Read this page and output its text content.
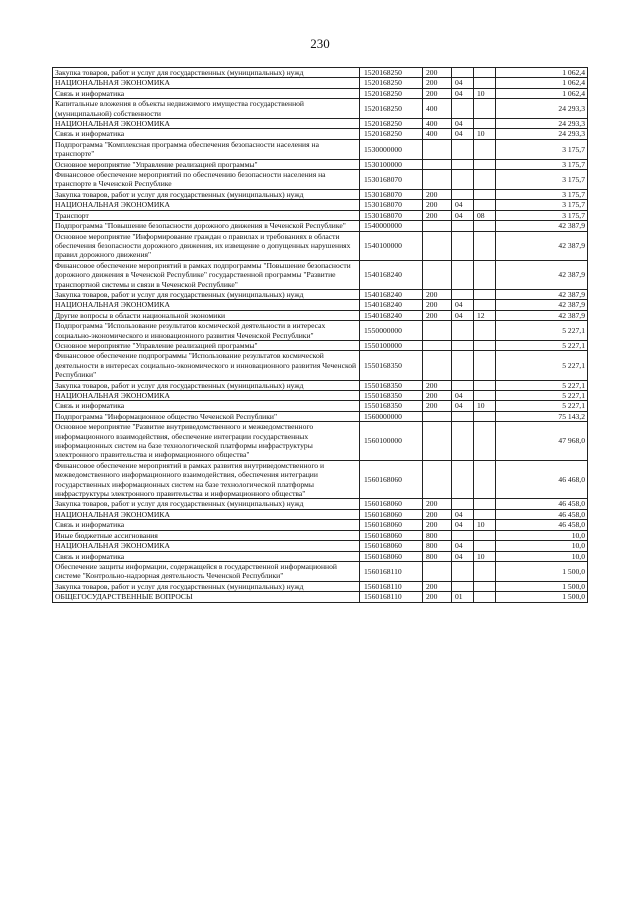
230
Закупка товаров, работ и услуг для государственных (муниципальных) нужд	1520168250	200			1 062,4
НАЦИОНАЛЬНАЯ ЭКОНОМИКА	1520168250	200	04		1 062,4
Связь и информатика	1520168250	200	04	10	1 062,4
Капитальные вложения в объекты недвижимого имущества государственной (муниципальной) собственности	1520168250	400			24 293,3
НАЦИОНАЛЬНАЯ ЭКОНОМИКА	1520168250	400	04		24 293,3
Связь и информатика	1520168250	400	04	10	24 293,3
Подпрограмма "Комплексная программа обеспечения безопасности населения на транспорте"	1530000000				3 175,7
Основное мероприятие "Управление реализацией программы"	1530100000				3 175,7
Финансовое обеспечение мероприятий по обеспечению безопасности населения на транспорте в Чеченской Республике	1530168070				3 175,7
Закупка товаров, работ и услуг для государственных (муниципальных) нужд	1530168070	200			3 175,7
НАЦИОНАЛЬНАЯ ЭКОНОМИКА	1530168070	200	04		3 175,7
Транспорт	1530168070	200	04	08	3 175,7
Подпрограмма "Повышение безопасности дорожного движения в Чеченской Республике"	1540000000				42 387,9
Основное мероприятие "Информирование граждан о правилах и требованиях в области обеспечения безопасности дорожного движения, их извещение о допущенных нарушениях правил дорожного движения"	1540100000				42 387,9
Финансовое обеспечение мероприятий в рамках подпрограммы "Повышение безопасности дорожного движения в Чеченской Республике" государственной программы "Развитие транспортной системы и связи в Чеченской Республике"	1540168240				42 387,9
Закупка товаров, работ и услуг для государственных (муниципальных) нужд	1540168240	200			42 387,9
НАЦИОНАЛЬНАЯ ЭКОНОМИКА	1540168240	200	04		42 387,9
Другие вопросы в области национальной экономики	1540168240	200	04	12	42 387,9
Подпрограмма "Использование результатов космической деятельности в интересах социально-экономического и инновационного развития Чеченской Республики"	1550000000				5 227,1
Основное мероприятие "Управление реализацией программы"	1550100000				5 227,1
Финансовое обеспечение подпрограммы "Использование результатов космической деятельности в интересах социально-экономического и инновационного развития Чеченской Республики"	1550168350				5 227,1
Закупка товаров, работ и услуг для государственных (муниципальных) нужд	1550168350	200			5 227,1
НАЦИОНАЛЬНАЯ ЭКОНОМИКА	1550168350	200	04		5 227,1
Связь и информатика	1550168350	200	04	10	5 227,1
Подпрограмма "Информационное общество Чеченской Республики"	1560000000				75 143,2
Основное мероприятие "Развитие внутриведомственного и межведомственного информационного взаимодействия, обеспечение интеграции государственных информационных систем на базе технологической платформы инфраструктуры электронного правительства и информационного общества"	1560100000				47 968,0
Финансовое обеспечение мероприятий в рамках развития внутриведомственного и межведомственного информационного взаимодействия, обеспечения интеграции государственных информационных систем на базе технологической платформы инфраструктуры электронного правительства и информационного общества"	1560168060				46 468,0
Закупка товаров, работ и услуг для государственных (муниципальных) нужд	1560168060	200			46 458,0
НАЦИОНАЛЬНАЯ ЭКОНОМИКА	1560168060	200	04		46 458,0
Связь и информатика	1560168060	200	04	10	46 458,0
Иные бюджетные ассигнования	1560168060	800			10,0
НАЦИОНАЛЬНАЯ ЭКОНОМИКА	1560168060	800	04		10,0
Связь и информатика	1560168060	800	04	10	10,0
Обеспечение защиты информации, содержащейся в государственной информационной системе "Контрольно-надзорная деятельность Чеченской Республики"	1560168110				1 500,0
Закупка товаров, работ и услуг для государственных (муниципальных) нужд	1560168110	200			1 500,0
ОБЩЕГОСУДАРСТВЕННЫЕ ВОПРОСЫ	1560168110	200	01		1 500,0
